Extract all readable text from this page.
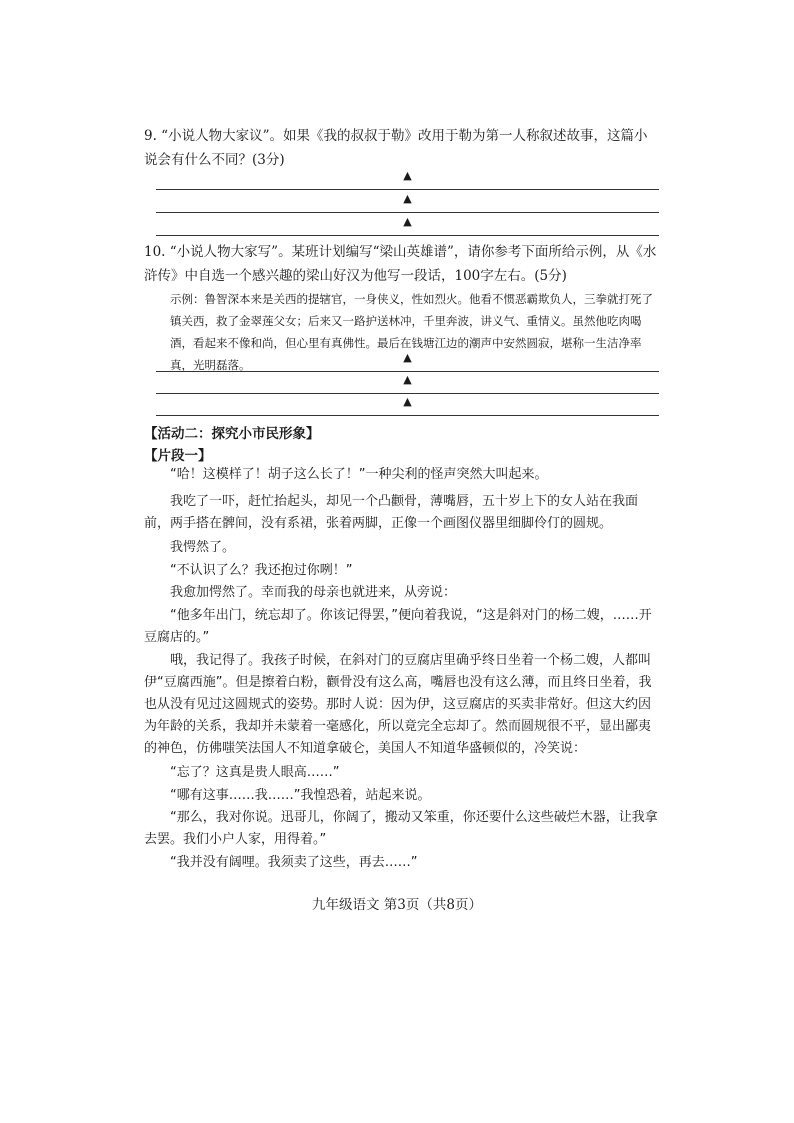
9. “小说人物大家议”。如果《我的叔叔于勒》改用于勒为第一人称叙述故事，这篇小说会有什么不同？(3分)
▲
▲
▲
10. “小说人物大家写”。某班计划编写“梁山英雄谱”，请你参考下面所给示例，从《水浒传》中自选一个感兴趣的梁山好汉为他写一段话，100字左右。(5分)
示例：鲁智深本来是关西的提辖官，一身侠义，性如烈火。他看不惯恶霸欺负人，三拳就打死了镇关西，救了金翠莲父女；后来又一路护送林冲，千里奔波，讲义气、重情义。虽然他吃肉喝酒，看起来不像和尚，但心里有真佛性。最后在钱塘江边的潮声中安然圆寂，堪称一生洁净率真，光明磊落。
▲
▲
▲
【活动二：探究小市民形象】
【片段一】
“哈！这模样了！胡子这么长了！”一种尖利的怪声突然大叫起来。
我吃了一吓，赶忙抬起头，却见一个凸颧骨，薄嘴唇，五十岁上下的女人站在我面前，两手搭在髀间，没有系裙，张着两脚，正像一个画图仪器里细脚伶仃的圆规。
我愕然了。
“不认识了么？我还抱过你咧！”
我愈加愕然了。幸而我的母亲也就进来，从旁说：
“他多年出门，统忘却了。你该记得罢，”便向着我说，“这是斜对门的杨二嫂，……开豆腐店的。”
哦，我记得了。我孩子时候，在斜对门的豆腐店里确乎终日坐着一个杨二嫂，人都叫伊“豆腐西施”。但是擦着白粉，颧骨没有这么高，嘴唇也没有这么薄，而且终日坐着，我也从没有见过这圆规式的姿势。那时人说：因为伊，这豆腐店的买卖非常好。但这大约因为年龄的关系，我却并未蒙着一毫感化，所以竟完全忘却了。然而圆规很不平，显出鄙夷的神色，仿佛嗤笑法国人不知道拿破仑，美国人不知道华盛顿似的，冷笑说：
“忘了？这真是贵人眼高……”
“哪有这事……我……”我惶恐着，站起来说。
“那么，我对你说。迅哥儿，你阔了，搬动又笨重，你还要什么这些破烂木器，让我拿去罢。我们小户人家，用得着。”
“我并没有阔哩。我须卖了这些，再去……”
九年级语文 第3页（共8页）
